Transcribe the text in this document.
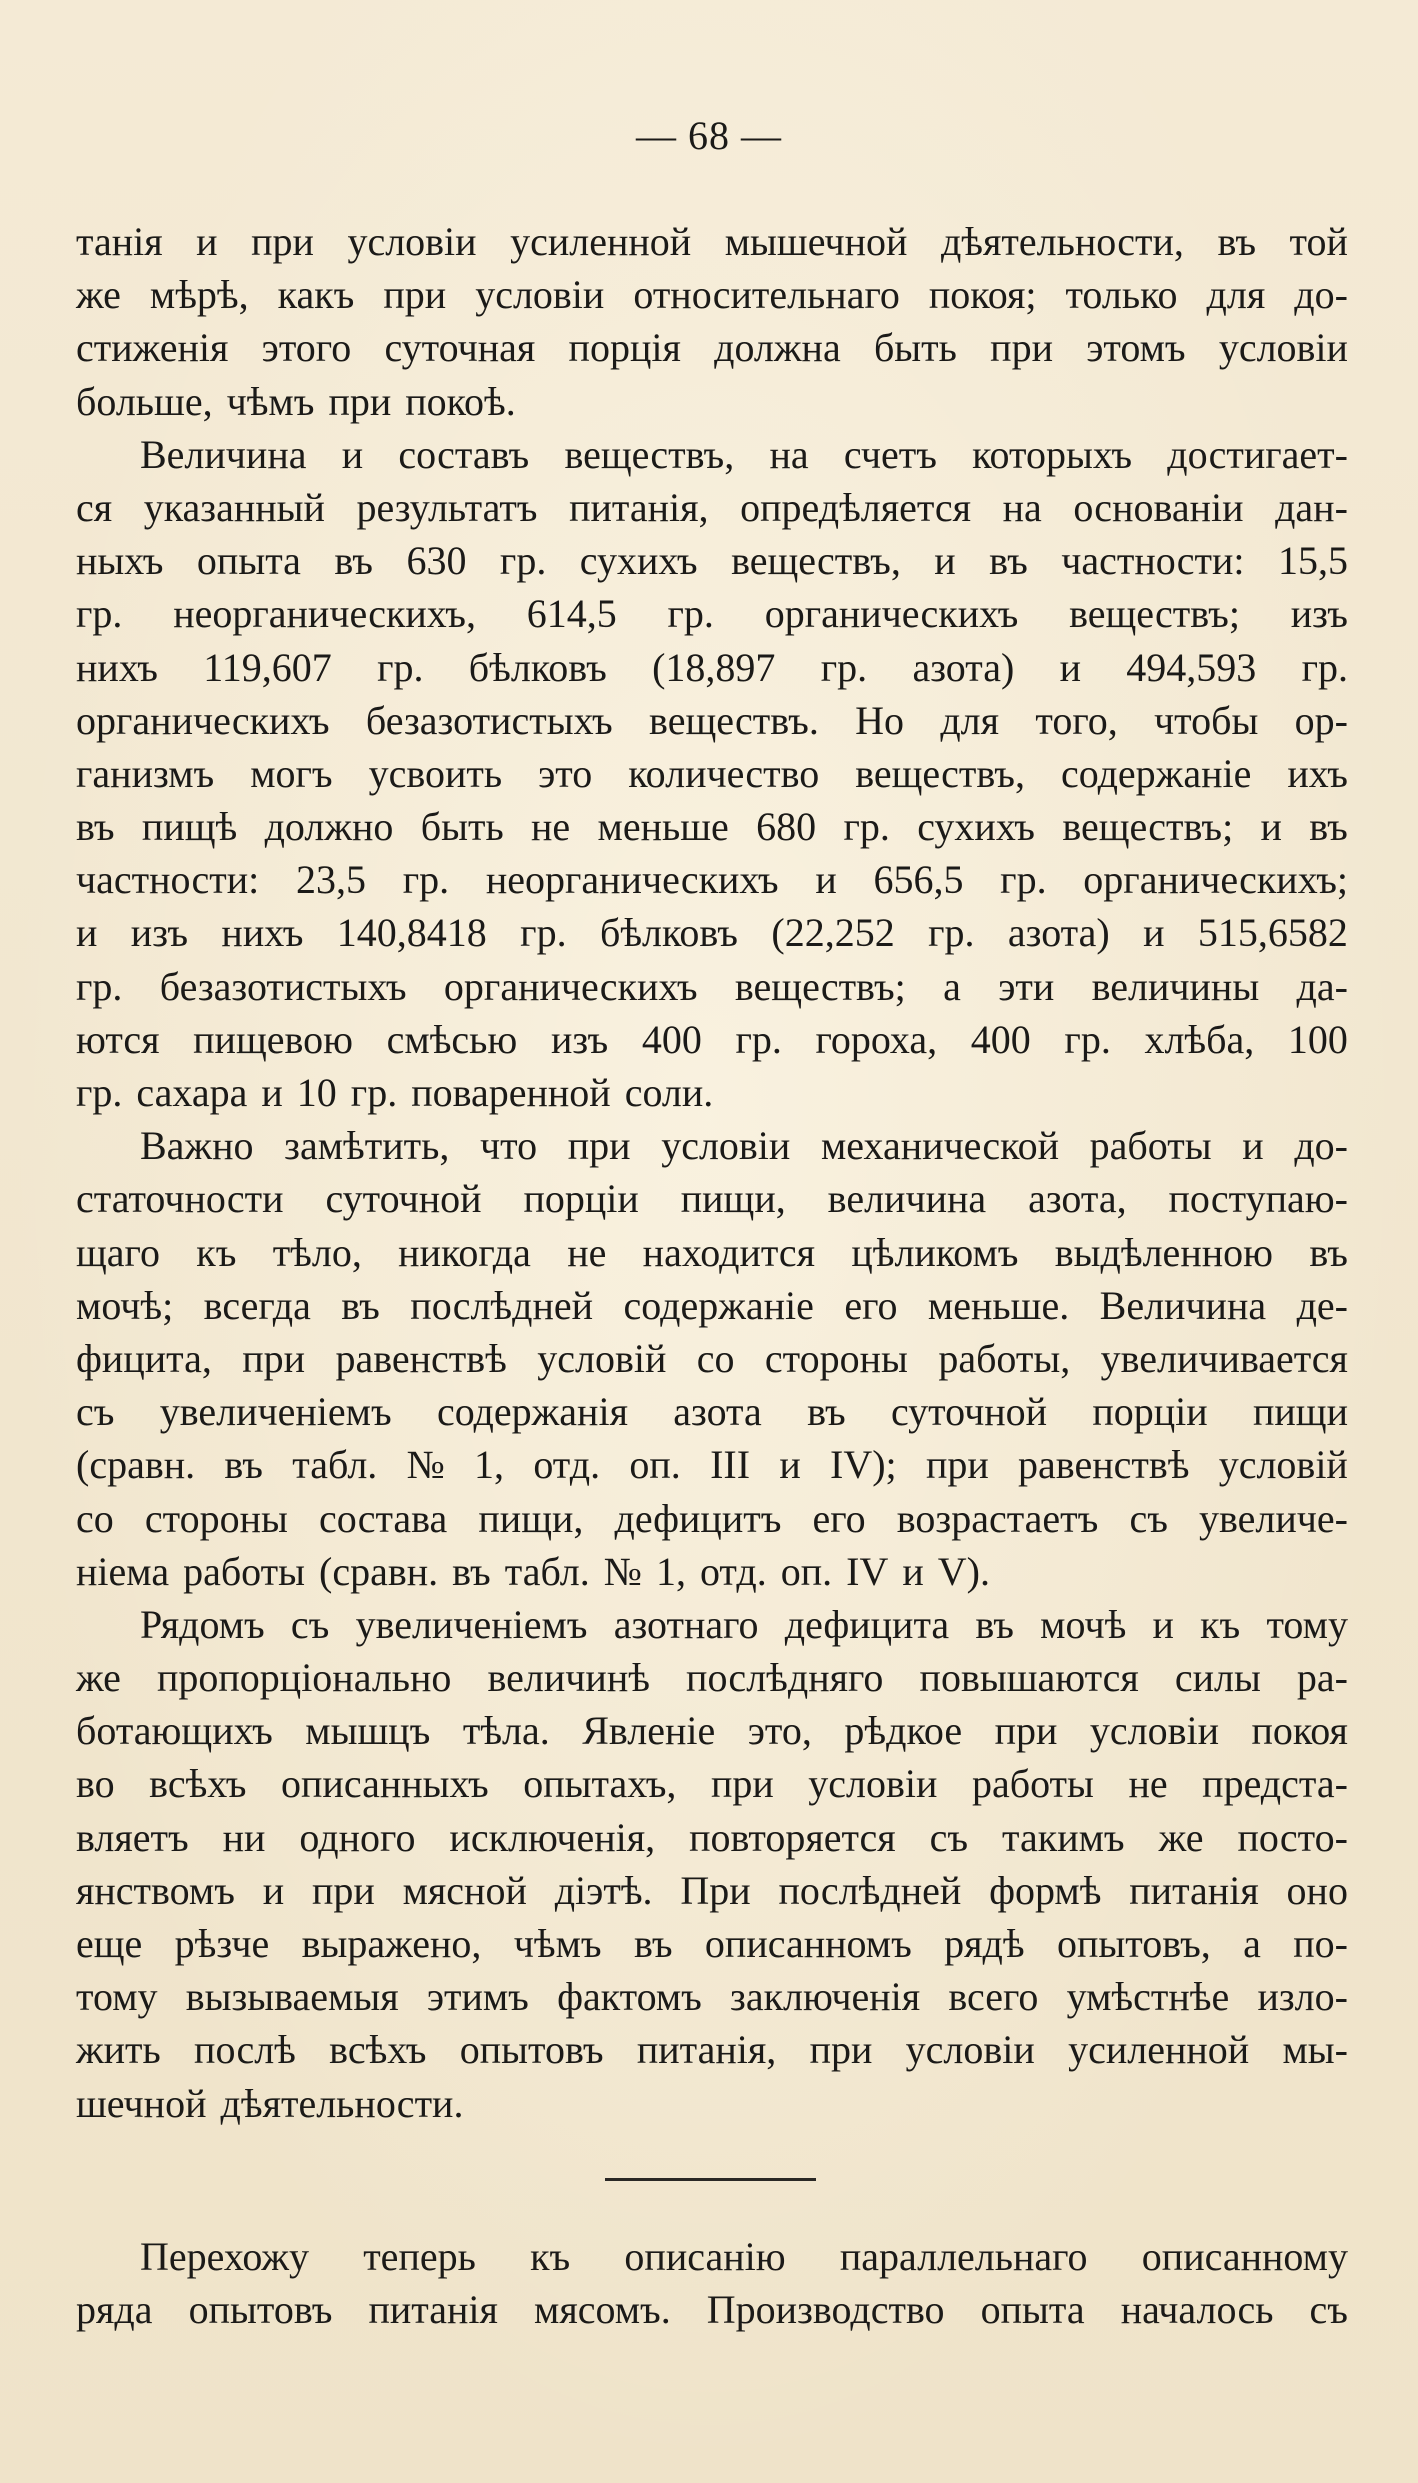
— 68 —
танія и при условіи усиленной мышечной дѣятельности, въ той
же мѣрѣ, какъ при условіи относительнаго покоя; только для до-
стиженія этого суточная порція должна быть при этомъ условіи
больше, чѣмъ при покоѣ.
Величина и составъ веществъ, на счетъ которыхъ достигает-
ся указанный результатъ питанія, опредѣляется на основаніи дан-
ныхъ опыта въ 630 гр. сухихъ веществъ, и въ частности: 15,5
гр. неорганическихъ, 614,5 гр. органическихъ веществъ; изъ
нихъ 119,607 гр. бѣлковъ (18,897 гр. азота) и 494,593 гр.
органическихъ безазотистыхъ веществъ. Но для того, чтобы ор-
ганизмъ могъ усвоить это количество веществъ, содержаніе ихъ
въ пищѣ должно быть не меньше 680 гр. сухихъ веществъ; и въ
частности: 23,5 гр. неорганическихъ и 656,5 гр. органическихъ;
и изъ нихъ 140,8418 гр. бѣлковъ (22,252 гр. азота) и 515,6582
гр. безазотистыхъ органическихъ веществъ; а эти величины да-
ются пищевою смѣсью изъ 400 гр. гороха, 400 гр. хлѣба, 100
гр. сахара и 10 гр. поваренной соли.
Важно замѣтить, что при условіи механической работы и до-
статочности суточной порціи пищи, величина азота, поступаю-
щаго къ тѣло, никогда не находится цѣликомъ выдѣленною въ
мочѣ; всегда въ послѣдней содержаніе его меньше. Величина де-
фицита, при равенствѣ условій со стороны работы, увеличивается
съ увеличеніемъ содержанія азота въ суточной порціи пищи
(сравн. въ табл. № 1, отд. оп. III и IV); при равенствѣ условій
со стороны состава пищи, дефицитъ его возрастаетъ съ увеличе-
ніема работы (сравн. въ табл. № 1, отд. оп. IV и V).
Рядомъ съ увеличеніемъ азотнаго дефицита въ мочѣ и къ тому
же пропорціонально величинѣ послѣдняго повышаются силы ра-
ботающихъ мышцъ тѣла. Явленіе это, рѣдкое при условіи покоя
во всѣхъ описанныхъ опытахъ, при условіи работы не предста-
вляетъ ни одного исключенія, повторяется съ такимъ же посто-
янствомъ и при мясной діэтѣ. При послѣдней формѣ питанія оно
еще рѣзче выражено, чѣмъ въ описанномъ рядѣ опытовъ, а по-
тому вызываемыя этимъ фактомъ заключенія всего умѣстнѣе изло-
жить послѣ всѣхъ опытовъ питанія, при условіи усиленной мы-
шечной дѣятельности.
Перехожу теперь къ описанію параллельнаго описанному
ряда опытовъ питанія мясомъ. Производство опыта началось съ
